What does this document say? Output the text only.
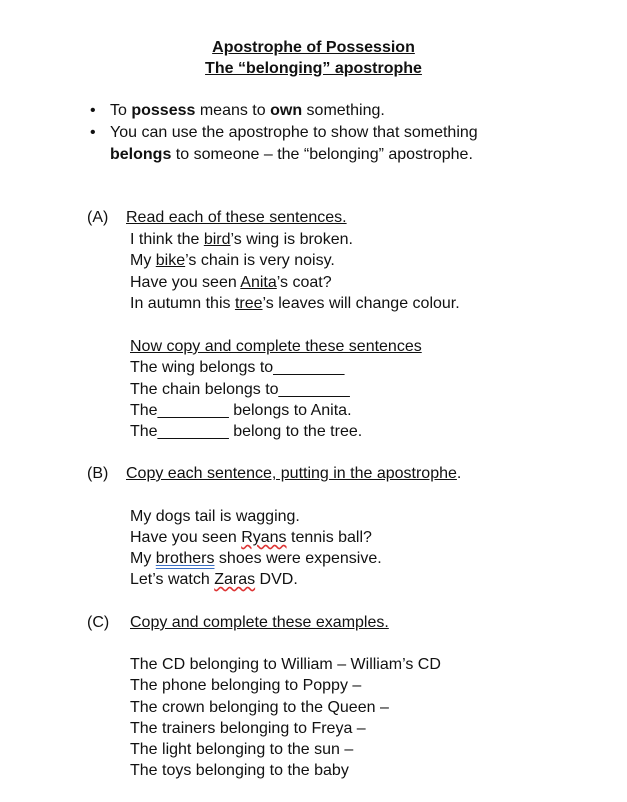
Apostrophe of Possession
The “belonging” apostrophe
• To possess means to own something.
• You can use the apostrophe to show that something
belongs to someone – the “belonging” apostrophe.
(A) Read each of these sentences.
I think the bird’s wing is broken.
My bike’s chain is very noisy.
Have you seen Anita’s coat?
In autumn this tree’s leaves will change colour.
Now copy and complete these sentences
The wing belongs to________
The chain belongs to________
The________ belongs to Anita.
The________ belong to the tree.
(B) Copy each sentence, putting in the apostrophe.
My dogs tail is wagging.
Have you seen Ryans tennis ball?
My brothers shoes were expensive.
Let’s watch Zaras DVD.
(C) Copy and complete these examples.
The CD belonging to William – William’s CD
The phone belonging to Poppy –
The crown belonging to the Queen –
The trainers belonging to Freya –
The light belonging to the sun –
The toys belonging to the baby
